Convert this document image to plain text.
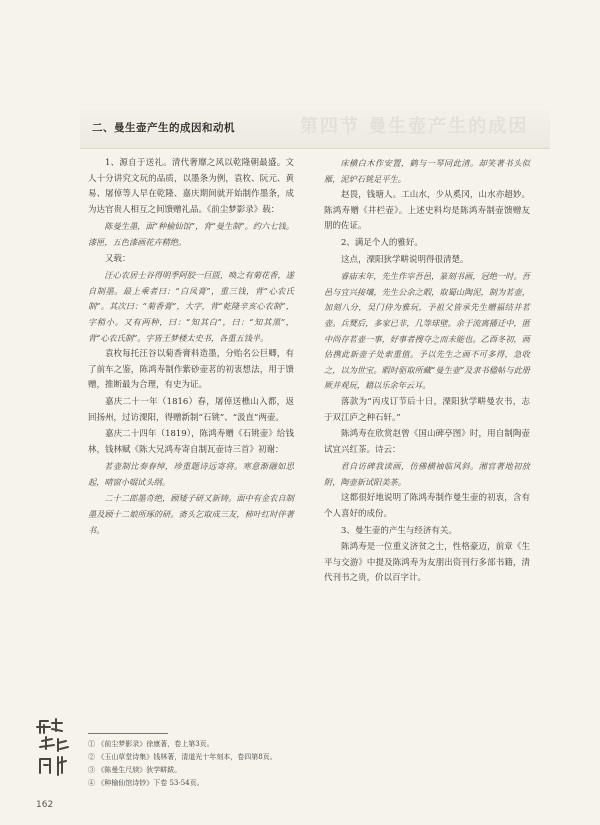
第四节 曼生壶产生的成因
二、曼生壶产生的成因和动机
1、源自于送礼。清代奢靡之风以乾隆朝最盛。文人十分讲究文玩的品质，以墨条为例，袁枚、阮元、黄易、屠倬等人早在乾隆、嘉庆期间就开始制作墨条，成为达官贵人相互之间馈赠礼品。《前尘梦影录》载：
陈曼生墨，面“种榆仙馆”，背“曼生制”。约六七钱。漆匣，五色漆画花卉精绝。
又载：
汪心农居士谷得明季阿胶一巨匮，唤之有菊花香，遂自制墨。最上乘者曰：“白凤膏”，重三钱，背“心农氏制”。其次曰：“菊香膏”，大字，背“乾隆辛亥心农制”，字稍小。又有两种，曰：“知其白”，曰：“知其黑”，背“心农氏制”。字皆王梦楼太史书，各重五钱半。
袁枚每托汪谷以菊香膏料造墨，分贻名公巨卿，有了前车之鉴，陈鸿寿制作紫砂壶茗的初衷想法，用于馈赠，推断最为合理，有史为证。
嘉庆二十一年（1816）春，屠倬送樵山入都，返回扬州，过访溧阳，得赠新制“石铫”、“汲直”两壶。
嘉庆二十四年（1819），陈鸿寿赠《石铫壶》给钱林，钱林赋《陈大兄鸿寿寄自制瓦壶诗三首》初谢：
茗壶制比奏春绰，珍重题诗远寄将。寒意渐融如思起，晴窗小啜试头纲。
二十二郎墨奇绝，顾矮子研又新铸。面中有金农自制墨及顾十二娘所琢的研。斋头乞取成三友，柿叶红时伴著书。
床横白木作安置，鹤与一琴同此清。却笑著书头似雁，泥炉石铫足平生。
赵畏，钱塘人。工山水，少从奚冈，山水亦超妙。陈鸿寿赠《井栏壶》。上述史料均是陈鸿寿制壶馈赠友朋的佐证。
2、满足个人的雅好。
这点，溧阳狄学畊说明得很清楚。
睿庙末年，先生作宰吾邑，篆刻书画，冠绝一时。吾邑与宜兴接壤，先生公余之暇，取蜀山陶泥，制为茗壶，加刻八分，吴门侍为雅玩，予祖父皆承先生赠福结并茗壶。兵燹后，多家已非，几等球壁。余于流离播迁中，匿中尚存茗壶一事，好事者搜夺之而未能也。乙酉冬初，画估携此新壶子处索重值。予以先生之画不可多得，急收之，以为世宝。暇时驱取所藏“曼生壶”及隶书楹帖与此册厥并观玩，籍以乐余年云耳。
落款为“丙戌订节后十日，溧阳狄学畊曼农书，志于双江庐之种石轩。”
陈鸿寿在欣赏赵曾《国山碑亭图》时，用自制陶壶试宜兴红茶。诗云：
君自访碑我读画，仿佛横袖临风斜。湘官著地初放附，陶壶新试阳美茶。
这都很好地说明了陈鸿寿制作曼生壶的初衷，含有个人喜好的成份。
3、曼生壶的产生与经济有关。
陈鸿寿是一位重义济贫之士，性格豪迈，前章《生平与交游》中提及陈鸿寿为友朋出资刊行多部书籍，清代刊书之贵，价以百字计。
① 《前尘梦影录》徐康著，卷上第3页。
② 《玉山草堂诗集》钱林著，清道光十年刻本，卷四第8页。
③ 《陈曼生尺牍》狄学畊跋。
④ 《种榆仙馆诗钞》下卷 53-54页。
162
